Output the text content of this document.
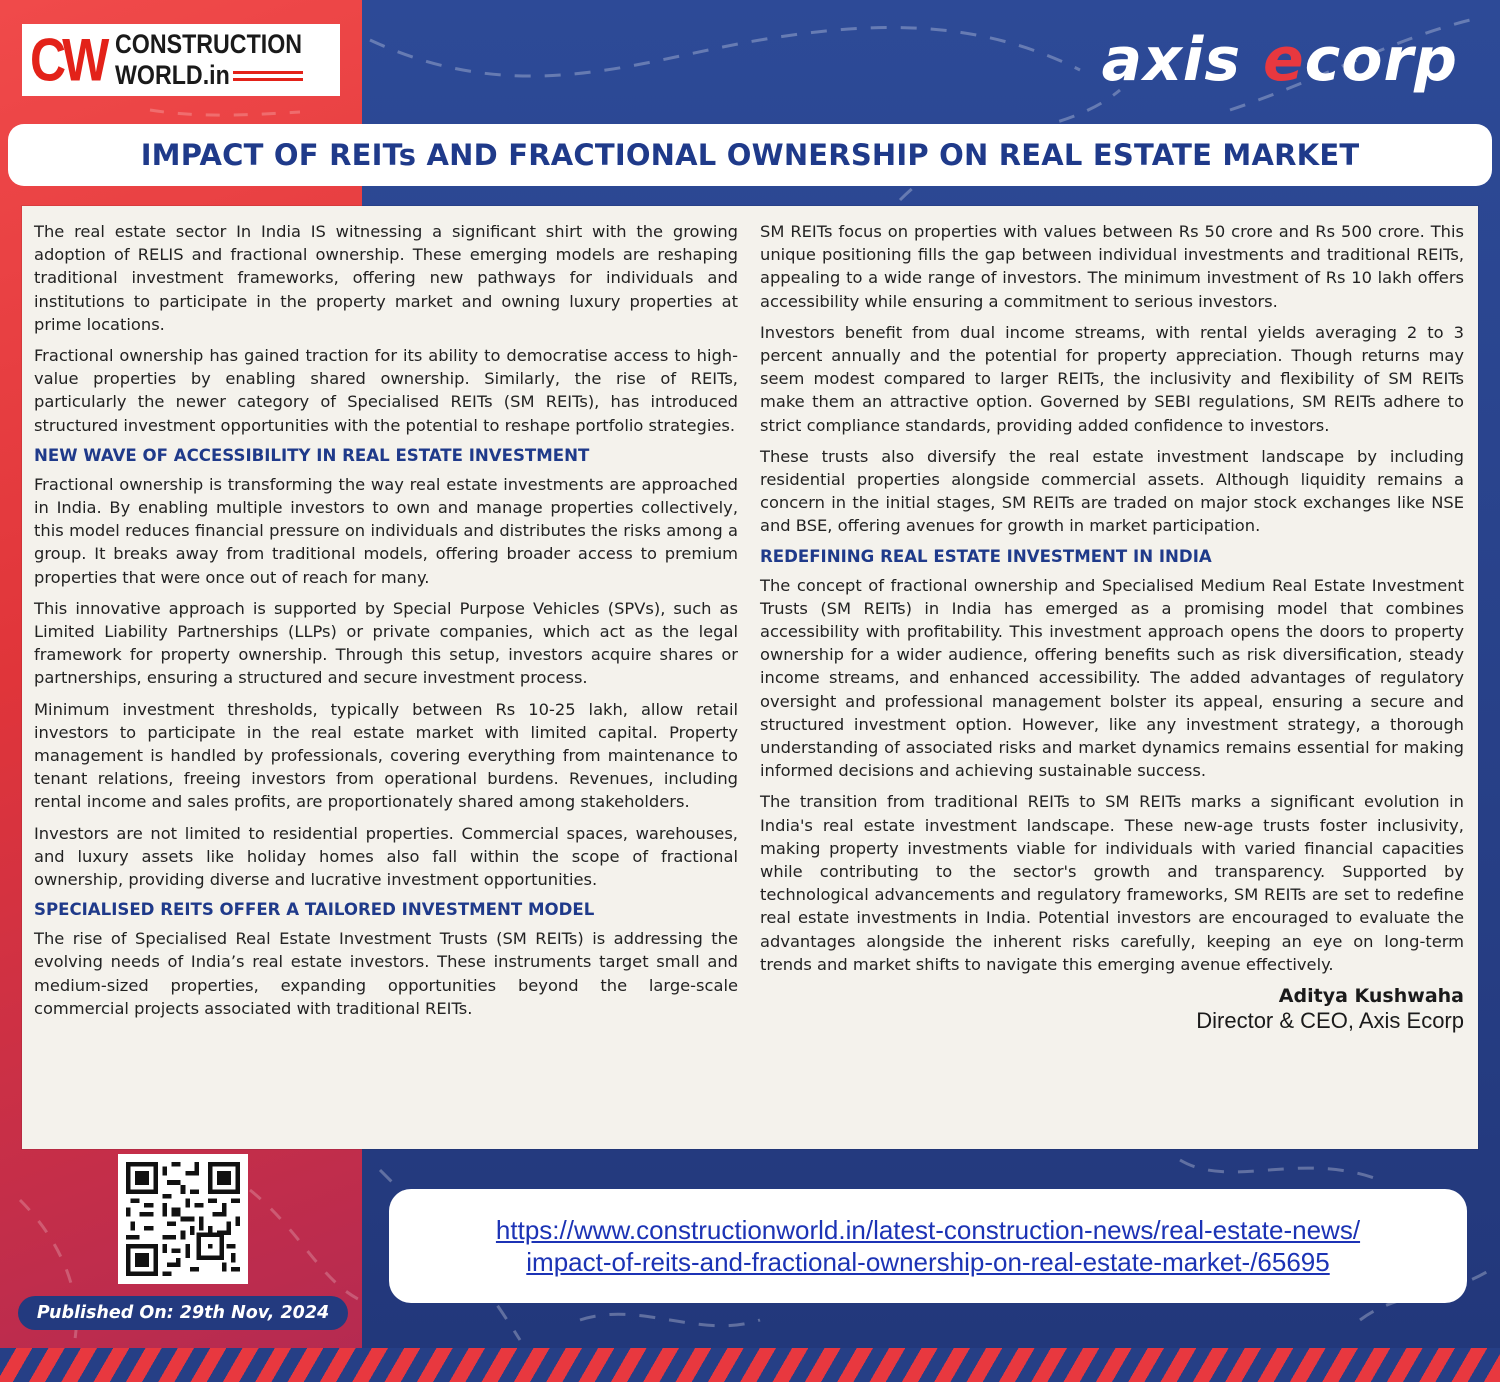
CW CONSTRUCTION
WORLD.in	axis ecorp
IMPACT OF REITs AND FRACTIONAL OWNERSHIP ON REAL ESTATE MARKET

The real estate sector In India IS witnessing a significant shirt with the growing adoption of RELIS and fractional ownership. These emerging models are reshaping traditional investment frameworks, offering new pathways for individuals and institutions to participate in the property market and owning luxury properties at prime locations.

Fractional ownership has gained traction for its ability to democratise access to high-value properties by enabling shared ownership. Similarly, the rise of REITs, particularly the newer category of Specialised REITs (SM REITs), has introduced structured investment opportunities with the potential to reshape portfolio strategies.

NEW WAVE OF ACCESSIBILITY IN REAL ESTATE INVESTMENT

Fractional ownership is transforming the way real estate investments are approached in India. By enabling multiple investors to own and manage properties collectively, this model reduces financial pressure on individuals and distributes the risks among a group. It breaks away from traditional models, offering broader access to premium properties that were once out of reach for many.

This innovative approach is supported by Special Purpose Vehicles (SPVs), such as Limited Liability Partnerships (LLPs) or private companies, which act as the legal framework for property ownership. Through this setup, investors acquire shares or partnerships, ensuring a structured and secure investment process.

Minimum investment thresholds, typically between Rs 10-25 lakh, allow retail investors to participate in the real estate market with limited capital. Property management is handled by professionals, covering everything from maintenance to tenant relations, freeing investors from operational burdens. Revenues, including rental income and sales profits, are proportionately shared among stakeholders.

Investors are not limited to residential properties. Commercial spaces, warehouses, and luxury assets like holiday homes also fall within the scope of fractional ownership, providing diverse and lucrative investment opportunities.

SPECIALISED REITS OFFER A TAILORED INVESTMENT MODEL

The rise of Specialised Real Estate Investment Trusts (SM REITs) is addressing the evolving needs of India’s real estate investors. These instruments target small and medium-sized properties, expanding opportunities beyond the large-scale commercial projects associated with traditional REITs.

SM REITs focus on properties with values between Rs 50 crore and Rs 500 crore. This unique positioning fills the gap between individual investments and traditional REITs, appealing to a wide range of investors. The minimum investment of Rs 10 lakh offers accessibility while ensuring a commitment to serious investors.

Investors benefit from dual income streams, with rental yields averaging 2 to 3 percent annually and the potential for property appreciation. Though returns may seem modest compared to larger REITs, the inclusivity and flexibility of SM REITs make them an attractive option. Governed by SEBI regulations, SM REITs adhere to strict compliance standards, providing added confidence to investors.

These trusts also diversify the real estate investment landscape by including residential properties alongside commercial assets. Although liquidity remains a concern in the initial stages, SM REITs are traded on major stock exchanges like NSE and BSE, offering avenues for growth in market participation.

REDEFINING REAL ESTATE INVESTMENT IN INDIA

The concept of fractional ownership and Specialised Medium Real Estate Investment Trusts (SM REITs) in India has emerged as a promising model that combines accessibility with profitability. This investment approach opens the doors to property ownership for a wider audience, offering benefits such as risk diversification, steady income streams, and enhanced accessibility. The added advantages of regulatory oversight and professional management bolster its appeal, ensuring a secure and structured investment option. However, like any investment strategy, a thorough understanding of associated risks and market dynamics remains essential for making informed decisions and achieving sustainable success.

The transition from traditional REITs to SM REITs marks a significant evolution in India's real estate investment landscape. These new-age trusts foster inclusivity, making property investments viable for individuals with varied financial capacities while contributing to the sector's growth and transparency. Supported by technological advancements and regulatory frameworks, SM REITs are set to redefine real estate investments in India. Potential investors are encouraged to evaluate the advantages alongside the inherent risks carefully, keeping an eye on long-term trends and market shifts to navigate this emerging avenue effectively.

Aditya Kushwaha
Director & CEO, Axis Ecorp
Published On: 29th Nov, 2024
https://www.constructionworld.in/latest-construction-news/real-estate-news/
impact-of-reits-and-fractional-ownership-on-real-estate-market-/65695
